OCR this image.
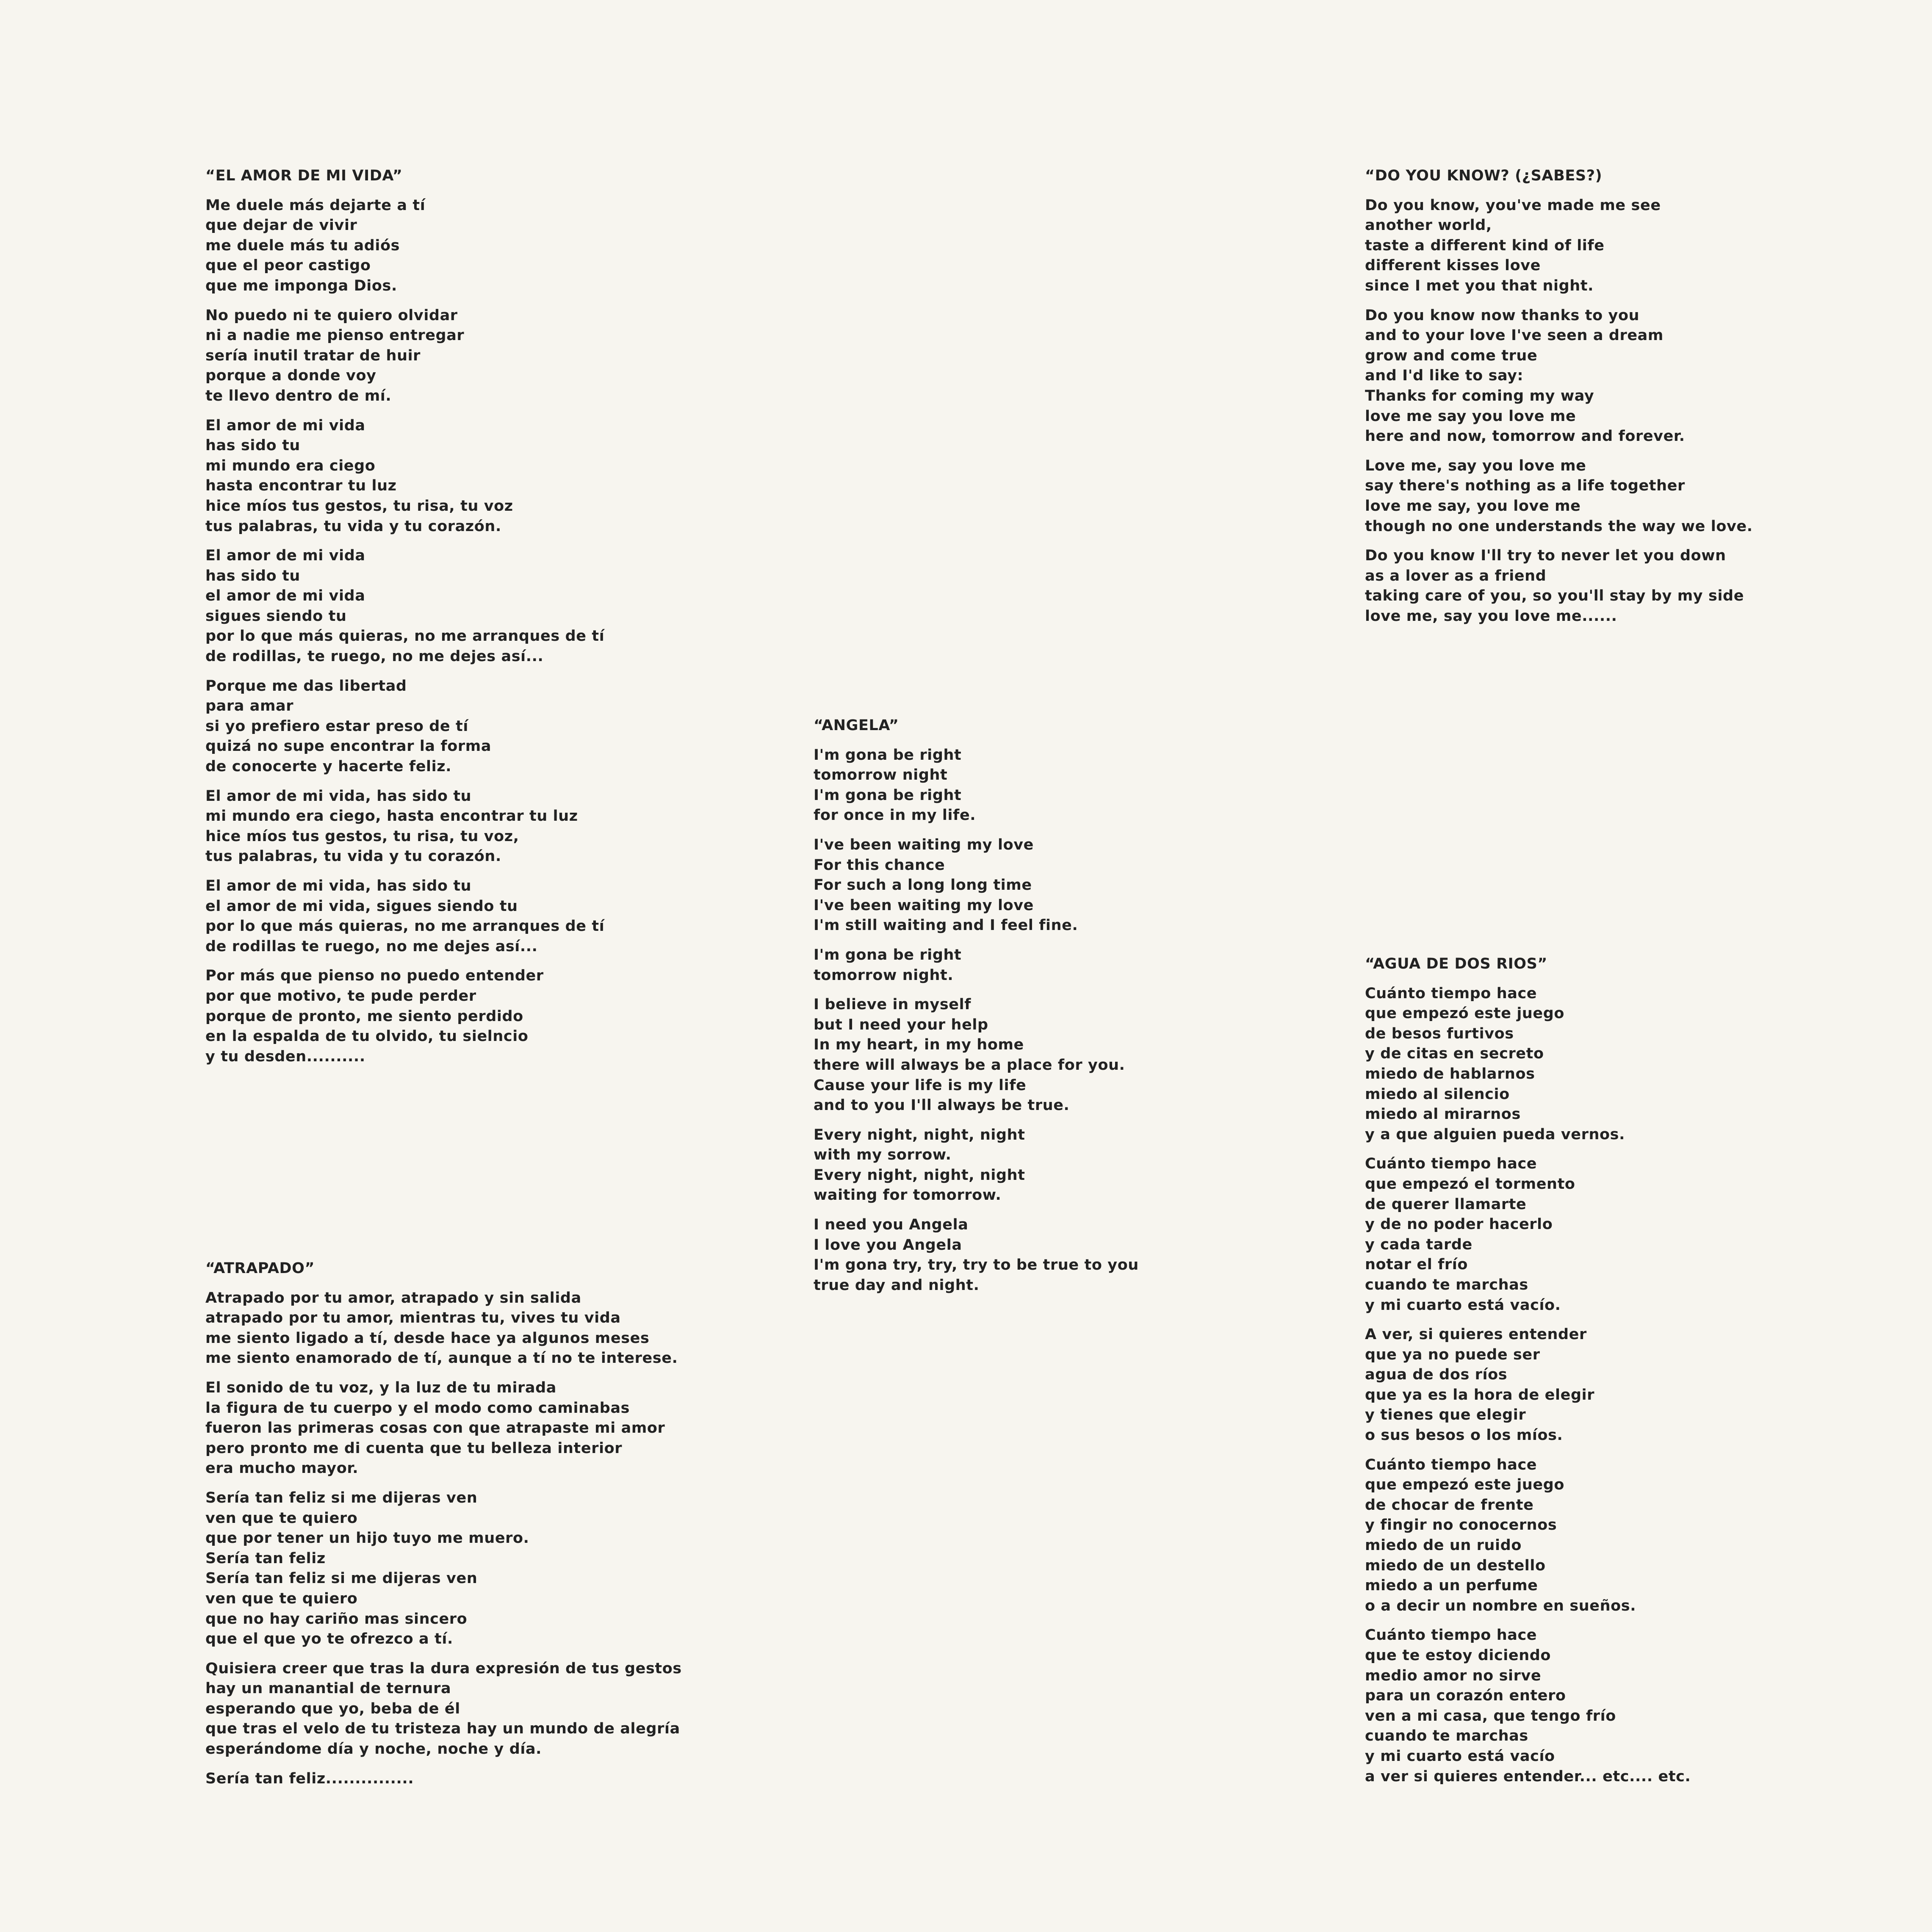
“EL AMOR DE MI VIDA”
Me duele más dejarte a tí
que dejar de vivir
me duele más tu adiós
que el peor castigo
que me imponga Dios.
No puedo ni te quiero olvidar
ni a nadie me pienso entregar
sería inutil tratar de huir
porque a donde voy
te llevo dentro de mí.
El amor de mi vida
has sido tu
mi mundo era ciego
hasta encontrar tu luz
hice míos tus gestos, tu risa, tu voz
tus palabras, tu vida y tu corazón.
El amor de mi vida
has sido tu
el amor de mi vida
sigues siendo tu
por lo que más quieras, no me arranques de tí
de rodillas, te ruego, no me dejes así...
Porque me das libertad
para amar
si yo prefiero estar preso de tí
quizá no supe encontrar la forma
de conocerte y hacerte feliz.
El amor de mi vida, has sido tu
mi mundo era ciego, hasta encontrar tu luz
hice míos tus gestos, tu risa, tu voz,
tus palabras, tu vida y tu corazón.
El amor de mi vida, has sido tu
el amor de mi vida, sigues siendo tu
por lo que más quieras, no me arranques de tí
de rodillas te ruego, no me dejes así...
Por más que pienso no puedo entender
por que motivo, te pude perder
porque de pronto, me siento perdido
en la espalda de tu olvido, tu sielncio
y tu desden..........
“ATRAPADO”
Atrapado por tu amor, atrapado y sin salida
atrapado por tu amor, mientras tu, vives tu vida
me siento ligado a tí, desde hace ya algunos meses
me siento enamorado de tí, aunque a tí no te interese.
El sonido de tu voz, y la luz de tu mirada
la figura de tu cuerpo y el modo como caminabas
fueron las primeras cosas con que atrapaste mi amor
pero pronto me di cuenta que tu belleza interior
era mucho mayor.
Sería tan feliz si me dijeras ven
ven que te quiero
que por tener un hijo tuyo me muero.
Sería tan feliz
Sería tan feliz si me dijeras ven
ven que te quiero
que no hay cariño mas sincero
que el que yo te ofrezco a tí.
Quisiera creer que tras la dura expresión de tus gestos
hay un manantial de ternura
esperando que yo, beba de él
que tras el velo de tu tristeza hay un mundo de alegría
esperándome día y noche, noche y día.
Sería tan feliz...............
“ANGELA”
I'm gona be right
tomorrow night
I'm gona be right
for once in my life.
I've been waiting my love
For this chance
For such a long long time
I've been waiting my love
I'm still waiting and I feel fine.
I'm gona be right
tomorrow night.
I believe in myself
but I need your help
In my heart, in my home
there will always be a place for you.
Cause your life is my life
and to you I'll always be true.
Every night, night, night
with my sorrow.
Every night, night, night
waiting for tomorrow.
I need you Angela
I love you Angela
I'm gona try, try, try to be true to you
true day and night.
“DO YOU KNOW? (¿SABES?)
Do you know, you've made me see
another world,
taste a different kind of life
different kisses love
since I met you that night.
Do you know now thanks to you
and to your love I've seen a dream
grow and come true
and I'd like to say:
Thanks for coming my way
love me say you love me
here and now, tomorrow and forever.
Love me, say you love me
say there's nothing as a life together
love me say, you love me
though no one understands the way we love.
Do you know I'll try to never let you down
as a lover as a friend
taking care of you, so you'll stay by my side
love me, say you love me......
“AGUA DE DOS RIOS”
Cuánto tiempo hace
que empezó este juego
de besos furtivos
y de citas en secreto
miedo de hablarnos
miedo al silencio
miedo al mirarnos
y a que alguien pueda vernos.
Cuánto tiempo hace
que empezó el tormento
de querer llamarte
y de no poder hacerlo
y cada tarde
notar el frío
cuando te marchas
y mi cuarto está vacío.
A ver, si quieres entender
que ya no puede ser
agua de dos ríos
que ya es la hora de elegir
y tienes que elegir
o sus besos o los míos.
Cuánto tiempo hace
que empezó este juego
de chocar de frente
y fingir no conocernos
miedo de un ruido
miedo de un destello
miedo a un perfume
o a decir un nombre en sueños.
Cuánto tiempo hace
que te estoy diciendo
medio amor no sirve
para un corazón entero
ven a mi casa, que tengo frío
cuando te marchas
y mi cuarto está vacío
a ver si quieres entender... etc.... etc.
